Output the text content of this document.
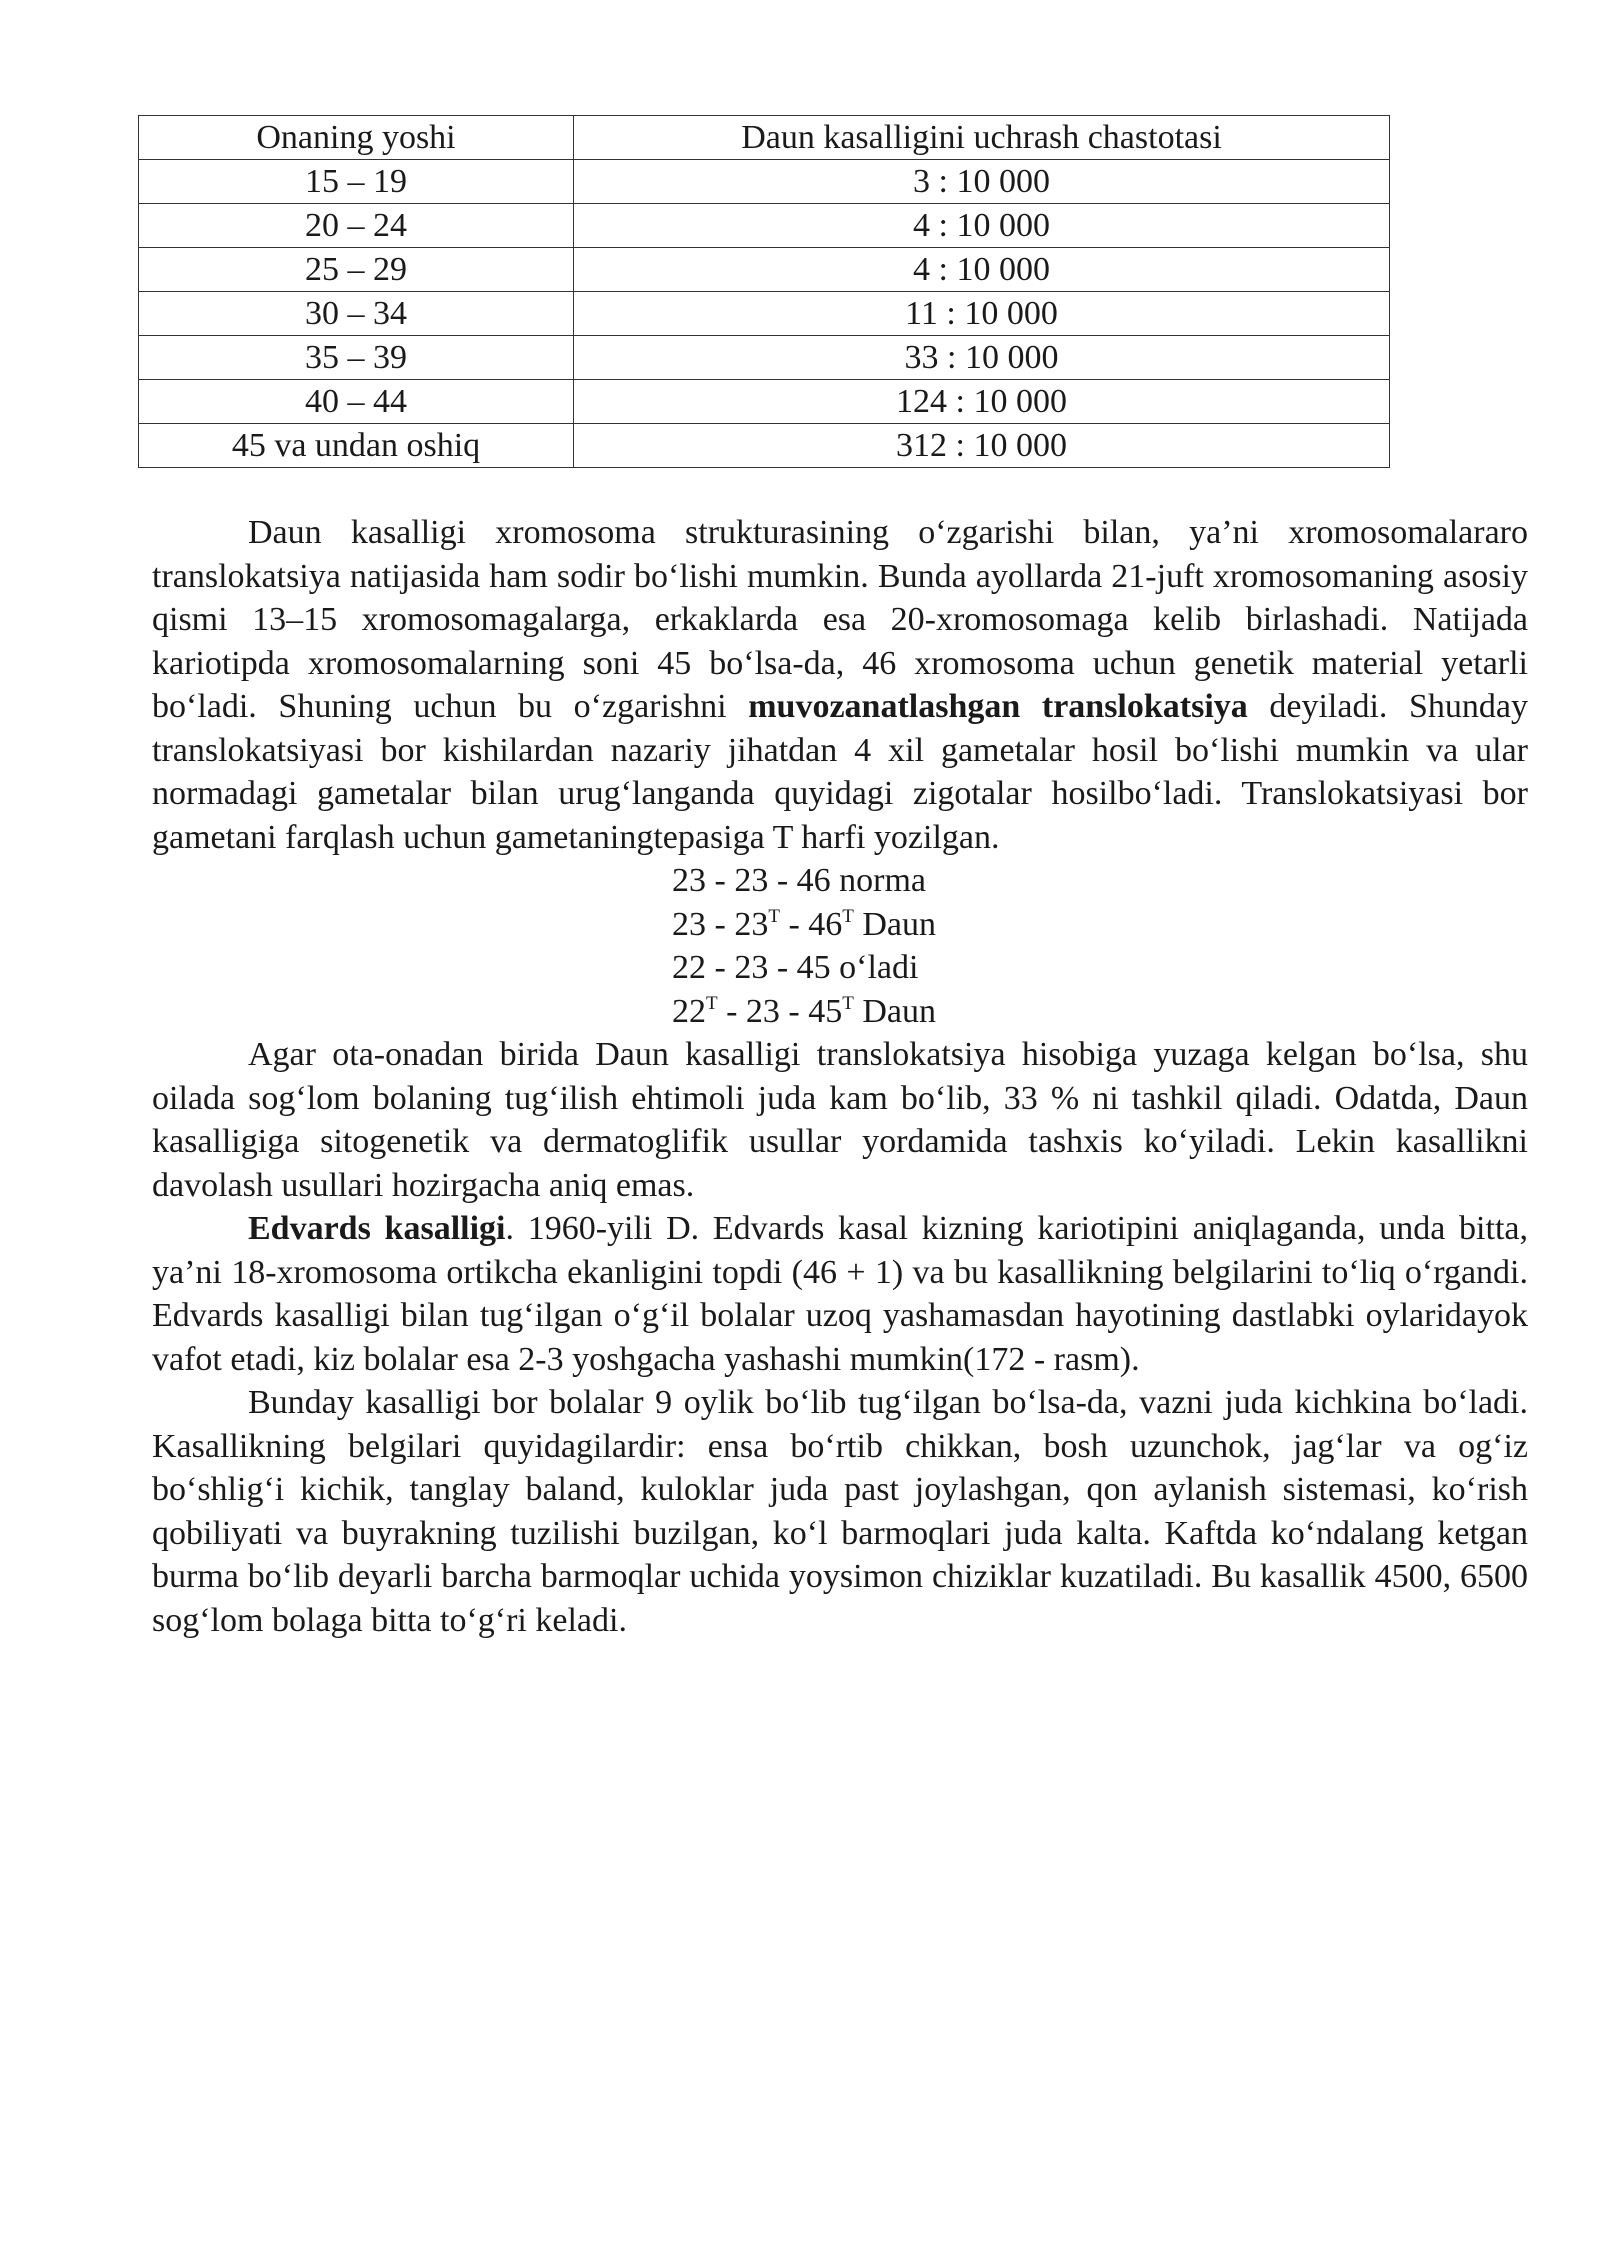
Onaning yoshi	Daun kasalligini uchrash chastotasi
15 – 19	3 : 10 000
20 – 24	4 : 10 000
25 – 29	4 : 10 000
30 – 34	11 : 10 000
35 – 39	33 : 10 000
40 – 44	124 : 10 000
45 va undan oshiq	312 : 10 000

Daun kasalligi xromosoma strukturasining o‘zgarishi bilan, ya’ni xromosomalararo translokatsiya natijasida ham sodir bo‘lishi mumkin. Bunda ayollarda 21-juft xromosomaning asosiy qismi 13–15 xromosomagalarga, erkaklarda esa 20-xromosomaga kelib birlashadi. Natijada kariotipda xromosomalarning soni 45 bo‘lsa-da, 46 xromosoma uchun genetik material yetarli bo‘ladi. Shuning uchun bu o‘zgarishni muvozanatlashgan translokatsiya deyiladi. Shunday translokatsiyasi bor kishilardan nazariy jihatdan 4 xil gametalar hosil bo‘lishi mumkin va ular normadagi gametalar bilan urug‘langanda quyidagi zigotalar hosilbo‘ladi. Translokatsiyasi bor gametani farqlash uchun gametaningtepasiga T harfi yozilgan.

23 - 23 - 46 norma
$23 - 23^T - 46^T$ Daun
22 - 23 - 45 o‘ladi
$22^T - 23 - 45^T$ Daun

Agar ota-onadan birida Daun kasalligi translokatsiya hisobiga yuzaga kelgan bo‘lsa, shu oilada sog‘lom bolaning tug‘ilish ehtimoli juda kam bo‘lib, 33 % ni tashkil qiladi. Odatda, Daun kasalligiga sitogenetik va dermatoglifik usullar yordamida tashxis ko‘yiladi. Lekin kasallikni davolash usullari hozirgacha aniq emas.

Edvards kasalligi. 1960-yili D. Edvards kasal kizning kariotipini aniqlaganda, unda bitta, ya’ni 18-xromosoma ortikcha ekanligini topdi (46 + 1) va bu kasallikning belgilarini to‘liq o‘rgandi. Edvards kasalligi bilan tug‘ilgan o‘g‘il bolalar uzoq yashamasdan hayotining dastlabki oylaridayok vafot etadi, kiz bolalar esa 2-3 yoshgacha yashashi mumkin(172 - rasm).

Bunday kasalligi bor bolalar 9 oylik bo‘lib tug‘ilgan bo‘lsa-da, vazni juda kichkina bo‘ladi. Kasallikning belgilari quyidagilardir: ensa bo‘rtib chikkan, bosh uzunchok, jag‘lar va og‘iz bo‘shlig‘i kichik, tanglay baland, kuloklar juda past joylashgan, qon aylanish sistemasi, ko‘rish qobiliyati va buyrakning tuzilishi buzilgan, ko‘l barmoqlari juda kalta. Kaftda ko‘ndalang ketgan burma bo‘lib deyarli barcha barmoqlar uchida yoysimon chiziklar kuzatiladi. Bu kasallik 4500, 6500 sog‘lom bolaga bitta to‘g‘ri keladi.
